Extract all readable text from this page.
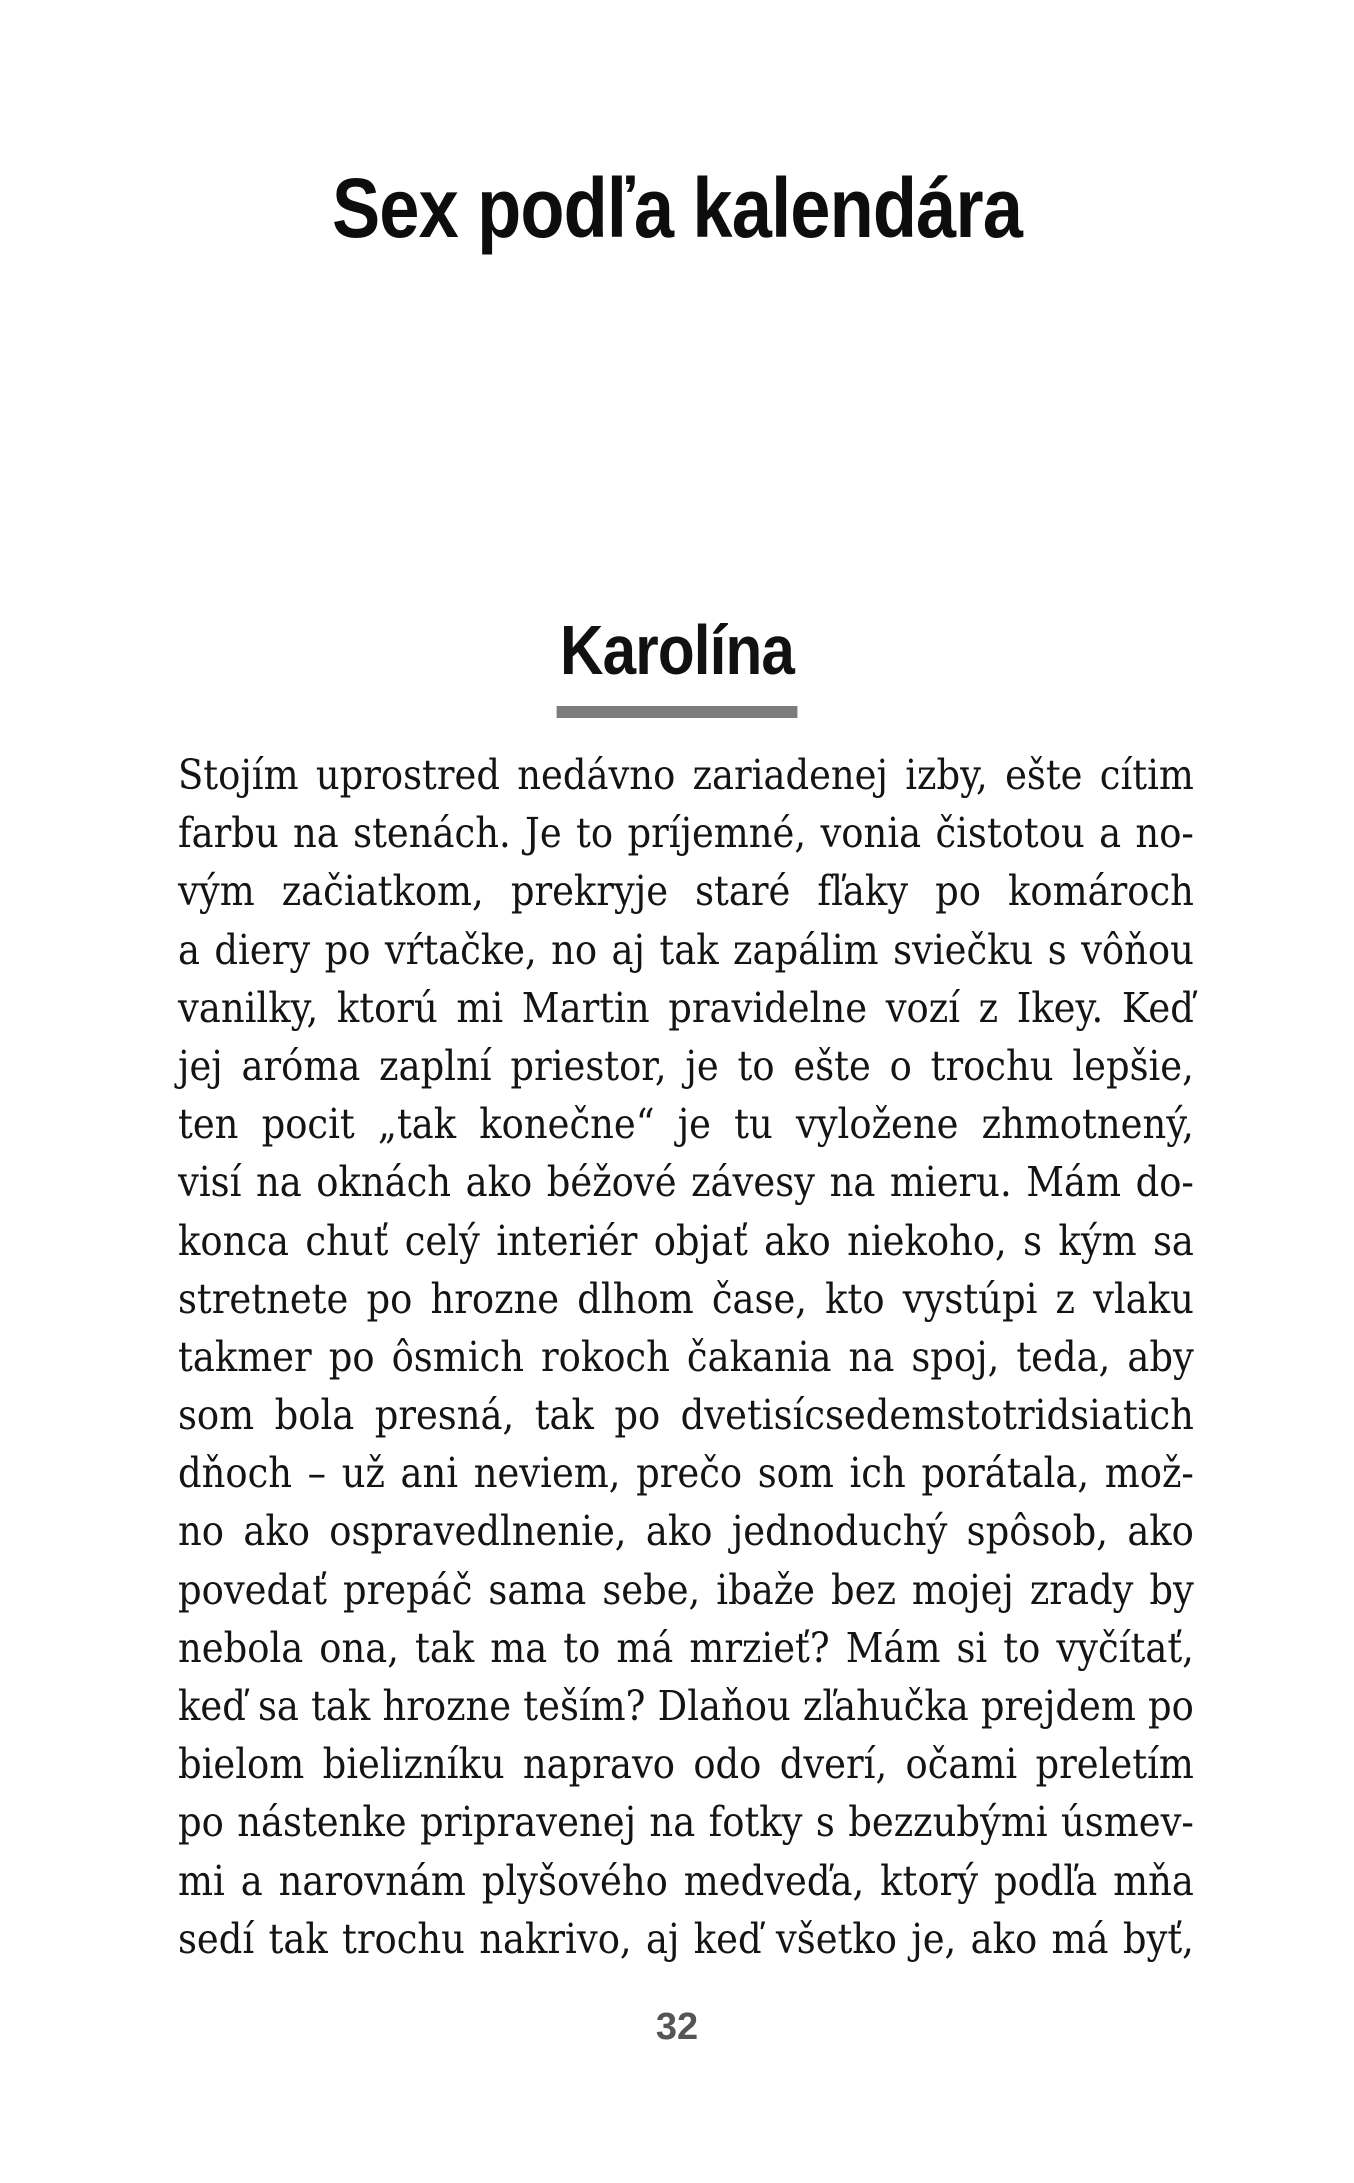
Sex podľa kalendára
Karolína
Stojím uprostred nedávno zariadenej izby, ešte cítim
farbu na stenách. Je to príjemné, vonia čistotou a no-
vým začiatkom, prekryje staré fľaky po komároch
a diery po vŕtačke, no aj tak zapálim sviečku s vôňou
vanilky, ktorú mi Martin pravidelne vozí z Ikey. Keď
jej aróma zaplní priestor, je to ešte o trochu lepšie,
ten pocit „tak konečne“ je tu vyložene zhmotnený,
visí na oknách ako béžové závesy na mieru. Mám do-
konca chuť celý interiér objať ako niekoho, s kým sa
stretnete po hrozne dlhom čase, kto vystúpi z vlaku
takmer po ôsmich rokoch čakania na spoj, teda, aby
som bola presná, tak po dvetisícsedemstotridsiatich
dňoch – už ani neviem, prečo som ich porátala, mož-
no ako ospravedlnenie, ako jednoduchý spôsob, ako
povedať prepáč sama sebe, ibaže bez mojej zrady by
nebola ona, tak ma to má mrzieť? Mám si to vyčítať,
keď sa tak hrozne teším? Dlaňou zľahučka prejdem po
bielom bielizníku napravo odo dverí, očami preletím
po nástenke pripravenej na fotky s bezzubými úsmev-
mi a narovnám plyšového medveďa, ktorý podľa mňa
sedí tak trochu nakrivo, aj keď všetko je, ako má byť,
32
